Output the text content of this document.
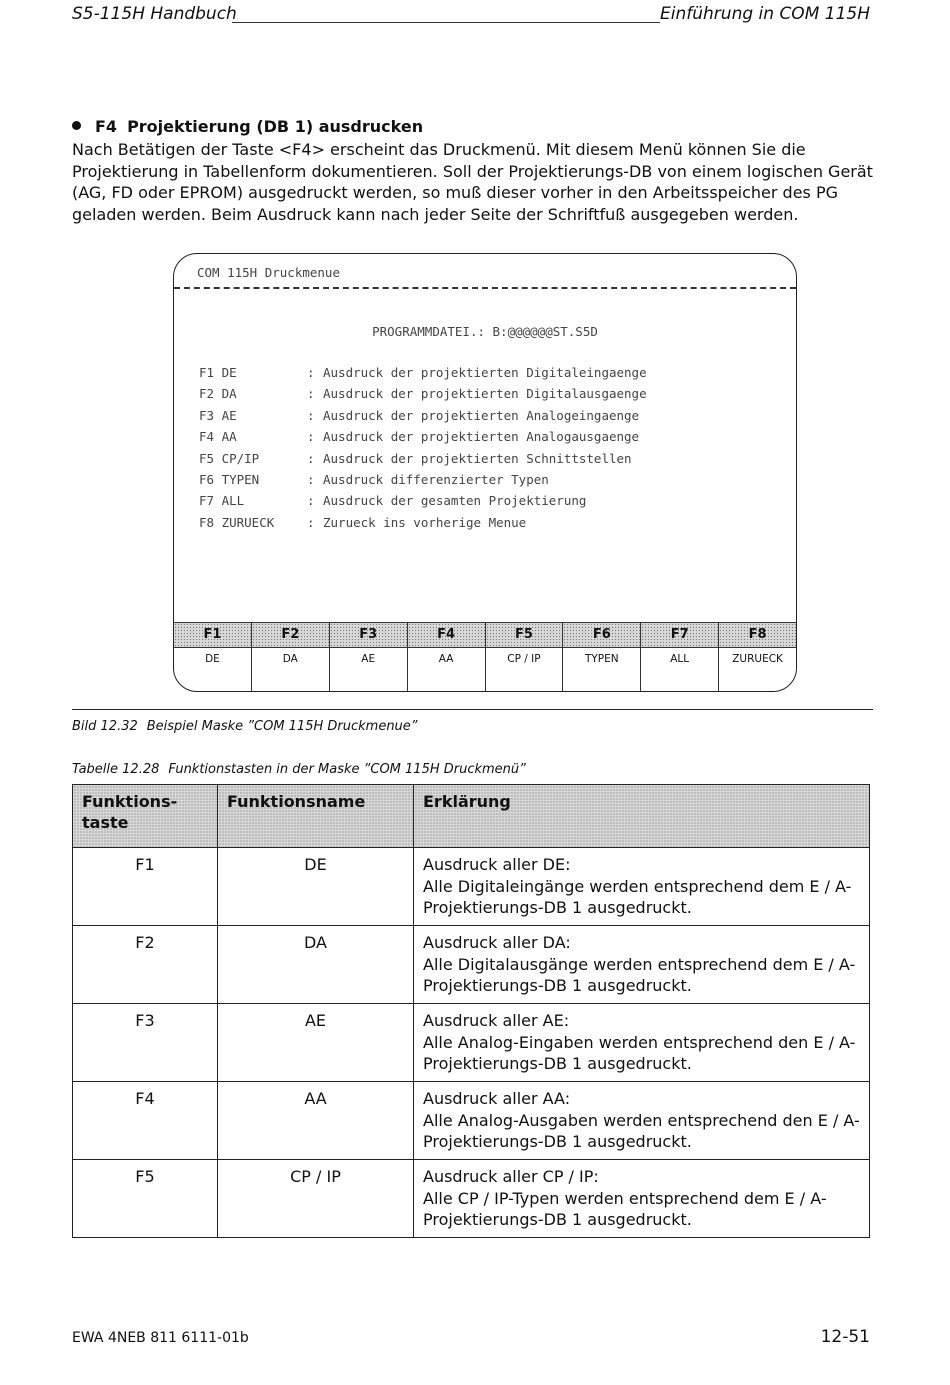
S5-115H Handbuch	Einführung in COM 115H
F4 Projektierung (DB 1) ausdrucken
Nach Betätigen der Taste <F4> erscheint das Druckmenü. Mit diesem Menü können Sie die Projektierung in Tabellenform dokumentieren. Soll der Projektierungs-DB von einem logischen Gerät (AG, FD oder EPROM) ausgedruckt werden, so muß dieser vorher in den Arbeitsspeicher des PG geladen werden. Beim Ausdruck kann nach jeder Seite der Schriftfuß ausgegeben werden.
COM 115H Druckmenue
PROGRAMMDATEI.: B:@@@@@@ST.S5D
F1 DE	: Ausdruck der projektierten Digitaleingaenge
F2 DA	: Ausdruck der projektierten Digitalausgaenge
F3 AE	: Ausdruck der projektierten Analogeingaenge
F4 AA	: Ausdruck der projektierten Analogausgaenge
F5 CP/IP	: Ausdruck der projektierten Schnittstellen
F6 TYPEN	: Ausdruck differenzierter Typen
F7 ALL	: Ausdruck der gesamten Projektierung
F8 ZURUECK	: Zurueck ins vorherige Menue
F1
DE
F2
DA
F3
AE
F4
AA
F5
CP / IP
F6
TYPEN
F7
ALL
F8
ZURUECK
Bild 12.32 Beispiel Maske ”COM 115H Druckmenue”
Tabelle 12.28 Funktionstasten in der Maske ”COM 115H Druckmenü”
Funktions-taste	Funktionsname	Erklärung
F1	DE	Ausdruck aller DE:
Alle Digitaleingänge werden entsprechend dem E / A-Projektierungs-DB 1 ausgedruckt.

F2	DA	Ausdruck aller DA:
Alle Digitalausgänge werden entsprechend dem E / A-Projektierungs-DB 1 ausgedruckt.

F3	AE	Ausdruck aller AE:
Alle Analog-Eingaben werden entsprechend den E / A-Projektierungs-DB 1 ausgedruckt.

F4	AA	Ausdruck aller AA:
Alle Analog-Ausgaben werden entsprechend den E / A-Projektierungs-DB 1 ausgedruckt.

F5	CP / IP	Ausdruck aller CP / IP:
Alle CP / IP-Typen werden entsprechend dem E / A-Projektierungs-DB 1 ausgedruckt.
EWA 4NEB 811 6111-01b	12-51
